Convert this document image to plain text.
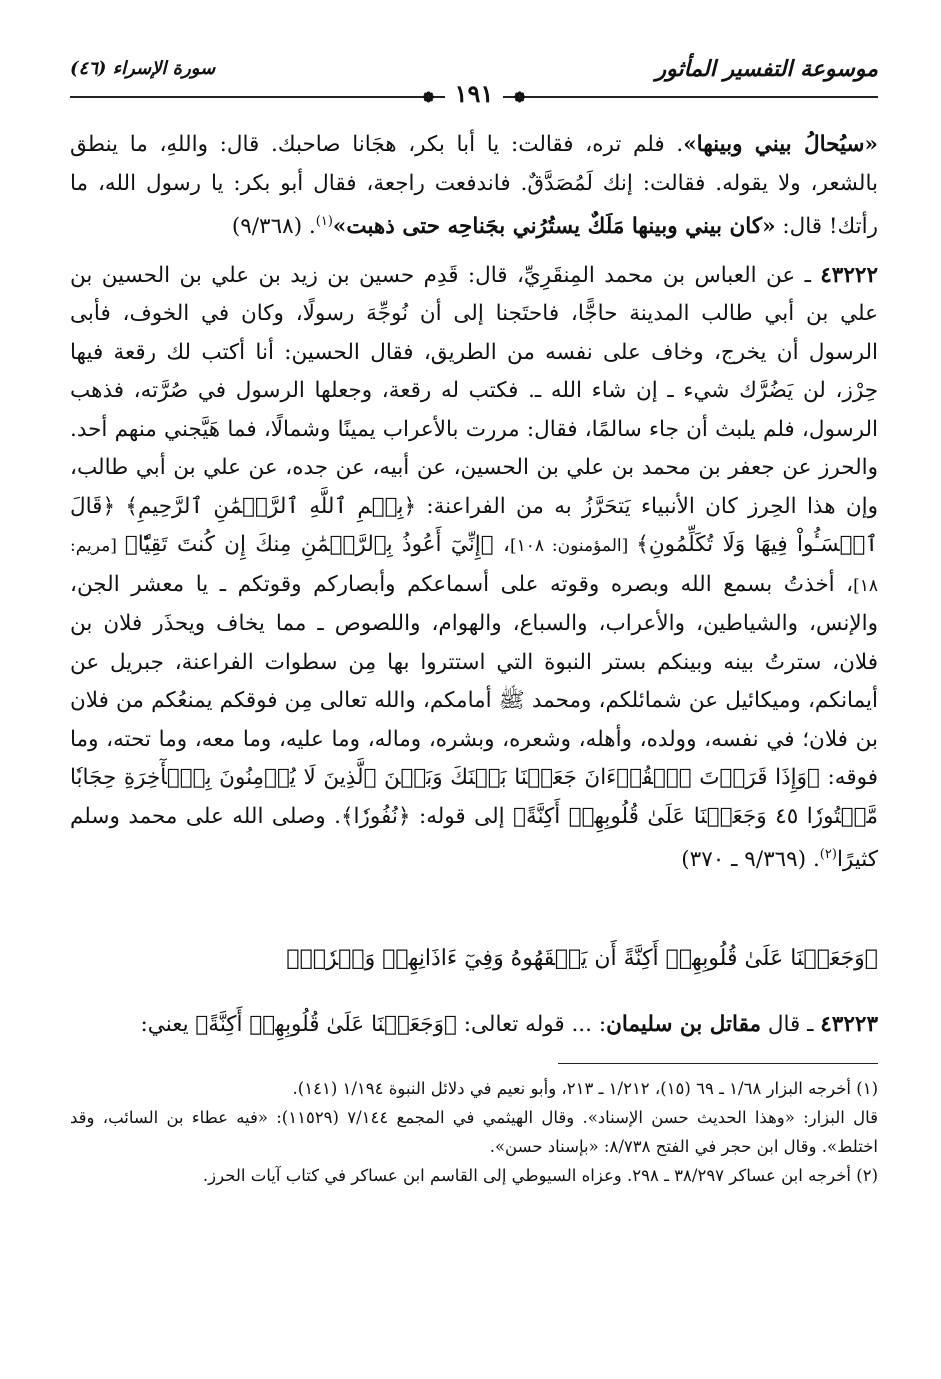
موسوعة التفسير المأثور
❁ ١٩١ ❁
سورة الإسراء (٤٦)

«سيُحالُ بيني وبينها». فلم تره، فقالت: يا أبا بكر، هجَانا صاحبك. قال: واللهِ، ما ينطق بالشعر، ولا يقوله. فقالت: إنك لَمُصَدَّقٌ. فاندفعت راجعة، فقال أبو بكر: يا رسول الله، ما رأتك! قال: «كان بيني وبينها مَلَكٌ يستُرُني بجَناحِه حتى ذهبت»$^{(١)}$. (٩/٣٦٨)

٤٣٢٢٢ ـ عن العباس بن محمد المِنقَرِيِّ، قال: قَدِم حسين بن زيد بن علي بن الحسين بن علي بن أبي طالب المدينة حاجًّا، فاحتَجنا إلى أن نُوجِّهَ رسولًا، وكان في الخوف، فأبى الرسول أن يخرج، وخاف على نفسه من الطريق، فقال الحسين: أنا أكتب لك رقعة فيها حِرْز، لن يَضُرَّك شيء ـ إن شاء الله ـ. فكتب له رقعة، وجعلها الرسول في صُرَّته، فذهب الرسول، فلم يلبث أن جاء سالمًا، فقال: مررت بالأعراب يمينًا وشمالًا، فما هَيَّجني منهم أحد. والحرز عن جعفر بن محمد بن علي بن الحسين، عن أبيه، عن جده، عن علي بن أبي طالب، وإن هذا الحِرز كان الأنبياء يَتحَرَّزُ به من الفراعنة: ﴿بِسۡمِ ٱللَّهِ ٱلرَّحۡمَٰنِ ٱلرَّحِيمِ﴾ ﴿قَالَ ٱخۡسَـُٔواْ فِيهَا وَلَا تُكَلِّمُونِ﴾ [المؤمنون: ١٠٨]، ﴿إِنِّيٓ أَعُوذُ بِٱلرَّحۡمَٰنِ مِنكَ إِن كُنتَ تَقِيّٗا﴾ [مريم: ١٨]، أخذتُ بسمع الله وبصره وقوته على أسماعكم وأبصاركم وقوتكم ـ يا معشر الجن، والإنس، والشياطين، والأعراب، والسباع، والهوام، واللصوص ـ مما يخاف ويحذَر فلان بن فلان، سترتُ بينه وبينكم بستر النبوة التي استتروا بها مِن سطوات الفراعنة، جبريل عن أيمانكم، وميكائيل عن شمائلكم، ومحمد ﷺ أمامكم، والله تعالى مِن فوقكم يمنعُكم من فلان بن فلان؛ في نفسه، وولده، وأهله، وشعره، وبشره، وماله، وما عليه، وما معه، وما تحته، وما فوقه: ﴿وَإِذَا قَرَأۡتَ ٱلۡقُرۡءَانَ جَعَلۡنَا بَيۡنَكَ وَبَيۡنَ ٱلَّذِينَ لَا يُؤۡمِنُونَ بِٱلۡأٓخِرَةِ حِجَابٗا مَّسۡتُورٗا ٤٥ وَجَعَلۡنَا عَلَىٰ قُلُوبِهِمۡ أَكِنَّةً﴾ إلى قوله: ﴿نُفُورٗا﴾. وصلى الله على محمد وسلم كثيرًا$^{(٢)}$. (٩/٣٦٩ ـ ٣٧٠)

﴿وَجَعَلۡنَا عَلَىٰ قُلُوبِهِمۡ أَكِنَّةً أَن يَفۡقَهُوهُ وَفِيٓ ءَاذَانِهِمۡ وَقۡرٗاۚ﴾

٤٣٢٢٣ ـ قال مقاتل بن سليمان: ... قوله تعالى: ﴿وَجَعَلۡنَا عَلَىٰ قُلُوبِهِمۡ أَكِنَّةً﴾ يعني:

(١) أخرجه البزار ١/٦٨ ـ ٦٩ (١٥)، ١/٢١٢ ـ ٢١٣، وأبو نعيم في دلائل النبوة ١/١٩٤ (١٤١).

قال البزار: «وهذا الحديث حسن الإسناد». وقال الهيثمي في المجمع ٧/١٤٤ (١١٥٢٩): «فيه عطاء بن السائب، وقد اختلط». وقال ابن حجر في الفتح ٨/٧٣٨: «بإسناد حسن».

(٢) أخرجه ابن عساكر ٣٨/٢٩٧ ـ ٢٩٨. وعزاه السيوطي إلى القاسم ابن عساكر في كتاب آيات الحرز.
